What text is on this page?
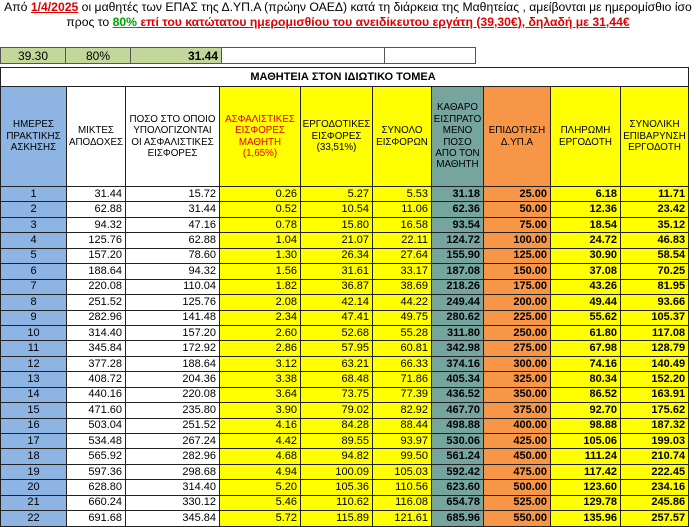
Από 1/4/2025 οι μαθητές των ΕΠΑΣ της Δ.ΥΠ.Α (πρώην ΟΑΕΔ) κατά τη διάρκεια της Μαθητείας , αμείβονται με ημερομίσθιο ίσο προς το 80% επί του κατώτατου ημερομισθίου του ανειδίκευτου εργάτη (39,30€), δηλαδή με 31,44€
39.30	80%	31.44		
ΜΑΘΗΤΕΙΑ ΣΤΟΝ ΙΔΙΩΤΙΚΟ ΤΟΜΕΑ									
ΗΜΕΡΕΣ ΠΡΑΚΤΙΚΗΣ ΑΣΚΗΣΗΣ	ΜΙΚΤΕΣ ΑΠΟΔΟΧΕΣ	ΠΟΣΟ ΣΤΟ ΟΠΟΙΟ ΥΠΟΛΟΓΙΖΟΝΤΑΙ ΟΙ ΑΣΦΑΛΙΣΤΙΚΕΣ ΕΙΣΦΟΡΕΣ	ΑΣΦΑΛΙΣΤΙΚΕΣ ΕΙΣΦΟΡΕΣ ΜΑΘΗΤΗ (1,65%)	ΕΡΓΟΔΟΤΙΚΕΣ ΕΙΣΦΟΡΕΣ (33,51%)	ΣΥΝΟΛΟ ΕΙΣΦΟΡΩΝ	ΚΑΘΑΡΟ ΕΙΣΠΡΑΤΟ ΜΕΝΟ ΠΟΣΟ ΑΠΟ ΤΟΝ ΜΑΘΗΤΗ	ΕΠΙΔΟΤΗΣΗ Δ.ΥΠ.Α	ΠΛΗΡΩΜΗ ΕΡΓΟΔΟΤΗ	ΣΥΝΟΛΙΚΗ ΕΠΙΒΑΡΥΝΣΗ ΕΡΓΟΔΟΤΗ
1	31.44	15.72	0.26	5.27	5.53	31.18	25.00	6.18	11.71
2	62.88	31.44	0.52	10.54	11.06	62.36	50.00	12.36	23.42
3	94.32	47.16	0.78	15.80	16.58	93.54	75.00	18.54	35.12
4	125.76	62.88	1.04	21.07	22.11	124.72	100.00	24.72	46.83
5	157.20	78.60	1.30	26.34	27.64	155.90	125.00	30.90	58.54
6	188.64	94.32	1.56	31.61	33.17	187.08	150.00	37.08	70.25
7	220.08	110.04	1.82	36.87	38.69	218.26	175.00	43.26	81.95
8	251.52	125.76	2.08	42.14	44.22	249.44	200.00	49.44	93.66
9	282.96	141.48	2.34	47.41	49.75	280.62	225.00	55.62	105.37
10	314.40	157.20	2.60	52.68	55.28	311.80	250.00	61.80	117.08
11	345.84	172.92	2.86	57.95	60.81	342.98	275.00	67.98	128.79
12	377.28	188.64	3.12	63.21	66.33	374.16	300.00	74.16	140.49
13	408.72	204.36	3.38	68.48	71.86	405.34	325.00	80.34	152.20
14	440.16	220.08	3.64	73.75	77.39	436.52	350.00	86.52	163.91
15	471.60	235.80	3.90	79.02	82.92	467.70	375.00	92.70	175.62
16	503.04	251.52	4.16	84.28	88.44	498.88	400.00	98.88	187.32
17	534.48	267.24	4.42	89.55	93.97	530.06	425.00	105.06	199.03
18	565.92	282.96	4.68	94.82	99.50	561.24	450.00	111.24	210.74
19	597.36	298.68	4.94	100.09	105.03	592.42	475.00	117.42	222.45
20	628.80	314.40	5.20	105.36	110.56	623.60	500.00	123.60	234.16
21	660.24	330.12	5.46	110.62	116.08	654.78	525.00	129.78	245.86
22	691.68	345.84	5.72	115.89	121.61	685.96	550.00	135.96	257.57
